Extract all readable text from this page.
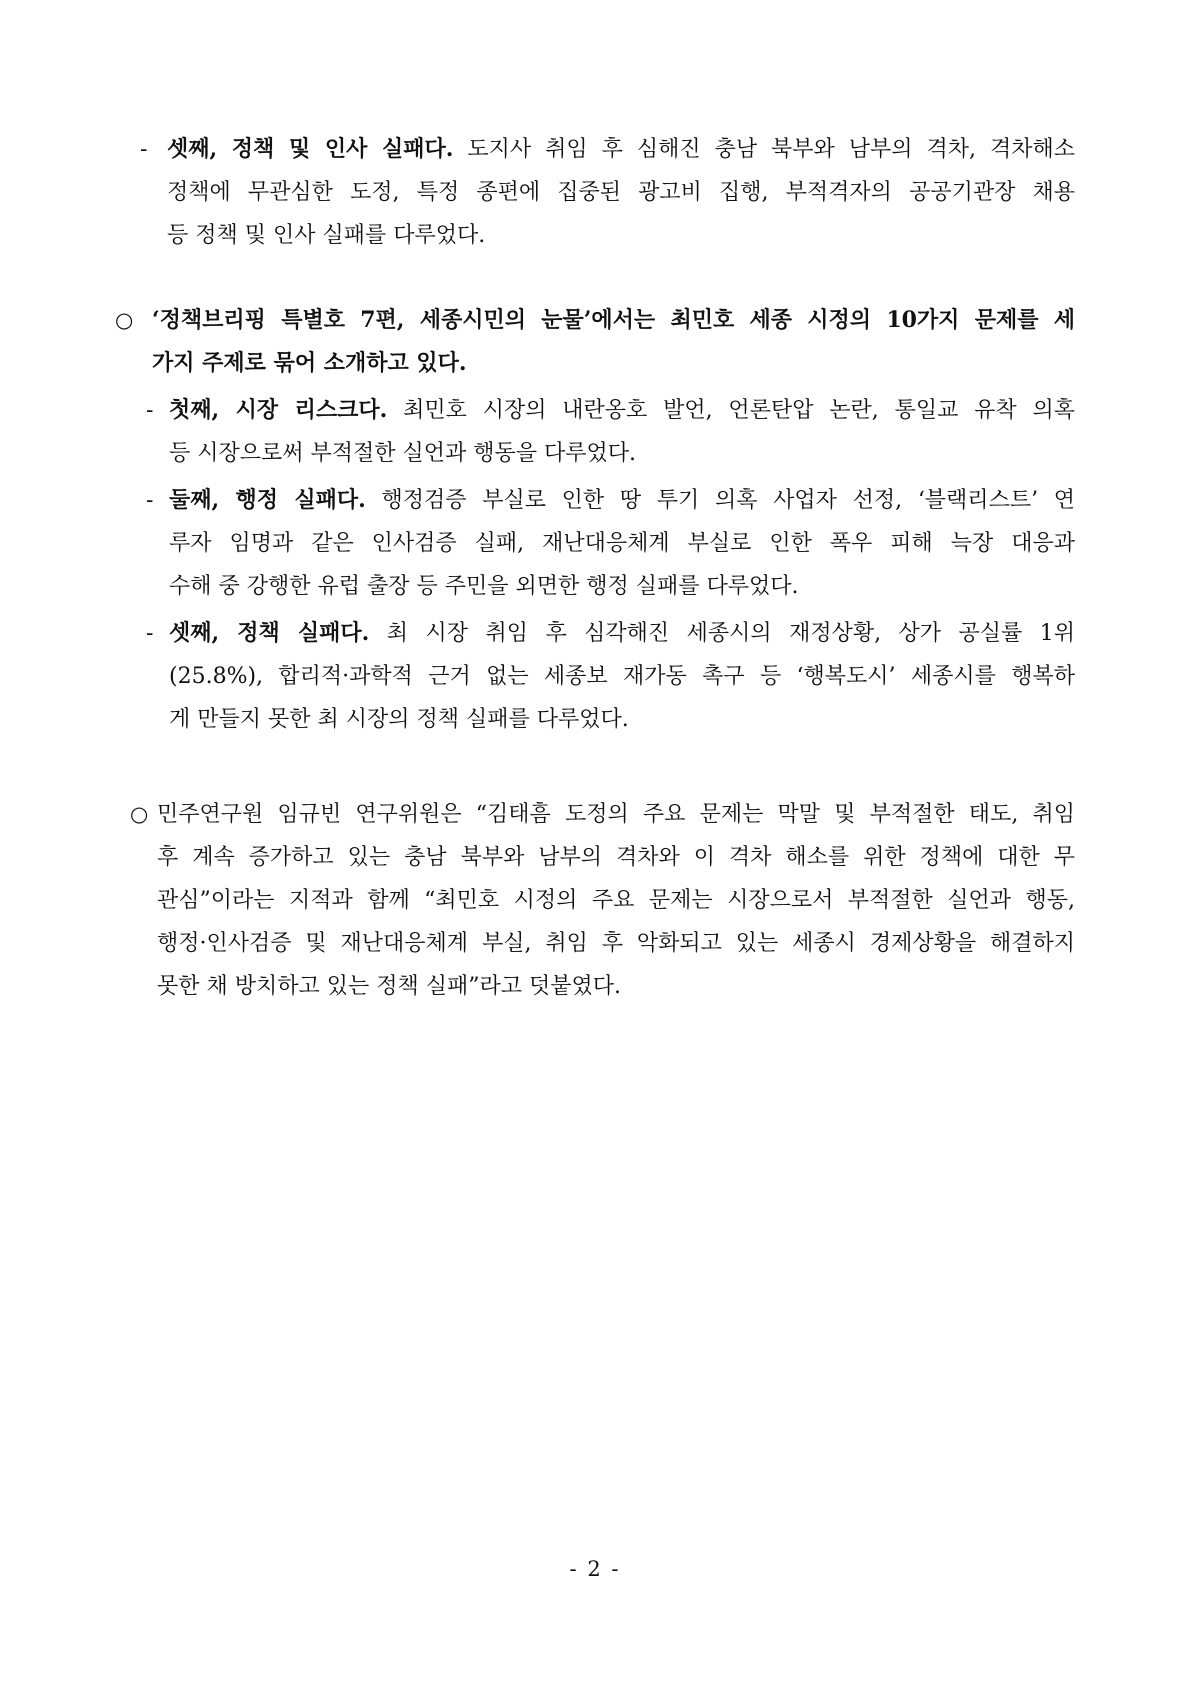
- 셋째, 정책 및 인사 실패다. 도지사 취임 후 심해진 충남 북부와 남부의 격차, 격차해소
정책에 무관심한 도정, 특정 종편에 집중된 광고비 집행, 부적격자의 공공기관장 채용
등 정책 및 인사 실패를 다루었다.
○ ‘정책브리핑 특별호 7편, 세종시민의 눈물’에서는 최민호 세종 시정의 10가지 문제를 세
가지 주제로 묶어 소개하고 있다.
- 첫째, 시장 리스크다. 최민호 시장의 내란옹호 발언, 언론탄압 논란, 통일교 유착 의혹
등 시장으로써 부적절한 실언과 행동을 다루었다.
- 둘째, 행정 실패다. 행정검증 부실로 인한 땅 투기 의혹 사업자 선정, ‘블랙리스트’ 연
루자 임명과 같은 인사검증 실패, 재난대응체계 부실로 인한 폭우 피해 늑장 대응과
수해 중 강행한 유럽 출장 등 주민을 외면한 행정 실패를 다루었다.
- 셋째, 정책 실패다. 최 시장 취임 후 심각해진 세종시의 재정상황, 상가 공실률 1위
(25.8%), 합리적·과학적 근거 없는 세종보 재가동 촉구 등 ‘행복도시’ 세종시를 행복하
게 만들지 못한 최 시장의 정책 실패를 다루었다.
○ 민주연구원 임규빈 연구위원은 “김태흠 도정의 주요 문제는 막말 및 부적절한 태도, 취임
후 계속 증가하고 있는 충남 북부와 남부의 격차와 이 격차 해소를 위한 정책에 대한 무
관심”이라는 지적과 함께 “최민호 시정의 주요 문제는 시장으로서 부적절한 실언과 행동,
행정·인사검증 및 재난대응체계 부실, 취임 후 악화되고 있는 세종시 경제상황을 해결하지
못한 채 방치하고 있는 정책 실패”라고 덧붙였다.
- 2 -
